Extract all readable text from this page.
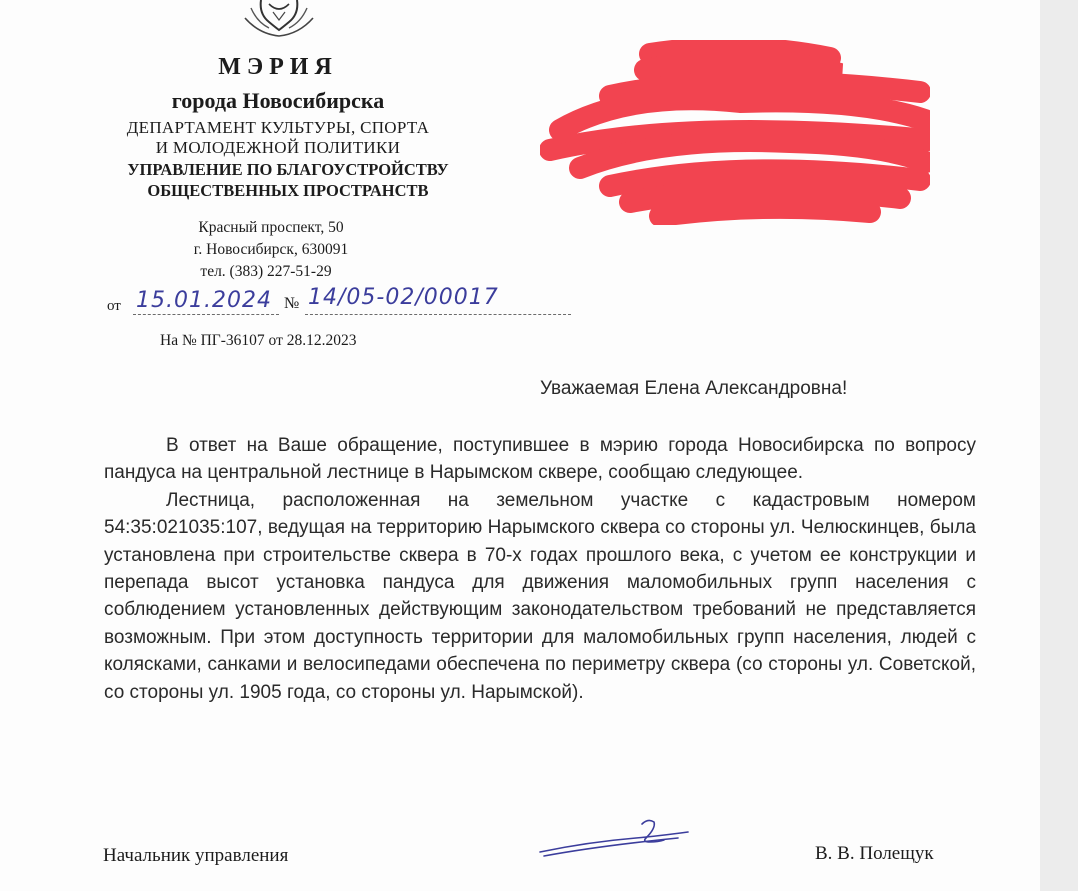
МЭРИЯ
города Новосибирска
ДЕПАРТАМЕНТ КУЛЬТУРЫ, СПОРТА
И МОЛОДЕЖНОЙ ПОЛИТИКИ
УПРАВЛЕНИЕ ПО БЛАГОУСТРОЙСТВУ
ОБЩЕСТВЕННЫХ ПРОСТРАНСТВ
Красный проспект, 50
г. Новосибирск, 630091
тел. (383) 227-51-29
от 15.01.2024 № 14/05-02/00017
На № ПГ-36107 от 28.12.2023
Уважаемая Елена Александровна!

В ответ на Ваше обращение, поступившее в мэрию города Новосибирска по вопросу пандуса на центральной лестнице в Нарымском сквере, сообщаю следующее.

Лестница, расположенная на земельном участке с кадастровым номером 54:35:021035:107, ведущая на территорию Нарымского сквера со стороны ул. Челюскинцев, была установлена при строительстве сквера в 70-х годах прошлого века, с учетом ее конструкции и перепада высот установка пандуса для движения маломобильных групп населения с соблюдением установленных действующим законодательством требований не представляется возможным. При этом доступность территории для маломобильных групп населения, людей с колясками, санками и велосипедами обеспечена по периметру сквера (со стороны ул. Советской, со стороны ул. 1905 года, со стороны ул. Нарымской).

Начальник управления	В. В. Полещук
